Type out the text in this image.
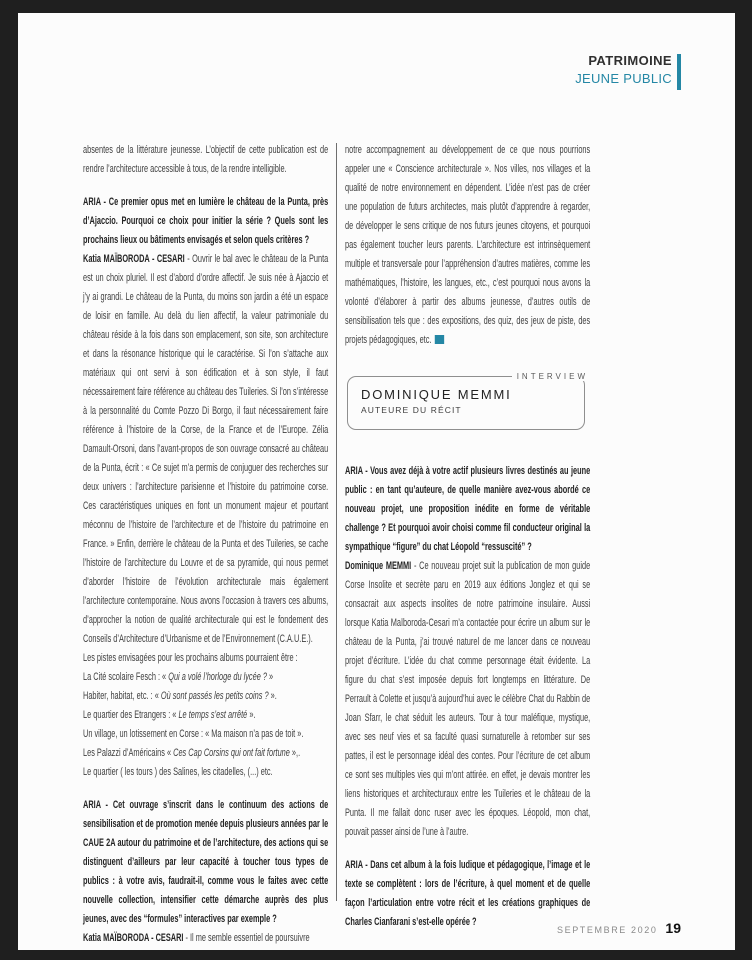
PATRIMOINE
JEUNE PUBLIC

absentes de la littérature jeunesse. L’objectif de cette publication est de rendre l’architecture accessible à tous, de la rendre intelligible.

ARIA - Ce premier opus met en lumière le château de la Punta, près d’Ajaccio. Pourquoi ce choix pour initier la série ? Quels sont les prochains lieux ou bâtiments envisagés et selon quels critères ?

Katia MAÏBORODA - CESARI - Ouvrir le bal avec le château de la Punta est un choix pluriel. Il est d’abord d’ordre affectif. Je suis née à Ajaccio et j’y ai grandi. Le château de la Punta, du moins son jardin a été un espace de loisir en famille. Au delà du lien affectif, la valeur patrimoniale du château réside à la fois dans son emplacement, son site, son architecture et dans la résonance historique qui le caractérise. Si l’on s’attache aux matériaux qui ont servi à son édification et à son style, il faut nécessairement faire référence au château des Tuileries. Si l’on s’intéresse à la personnalité du Comte Pozzo Di Borgo, il faut nécessairement faire référence à l’histoire de la Corse, de la France et de l’Europe. Zélia Damault-Orsoni, dans l’avant-propos de son ouvrage consacré au château de la Punta, écrit : « Ce sujet m’a permis de conjuguer des recherches sur deux univers : l’architecture parisienne et l’histoire du patrimoine corse. Ces caractéristiques uniques en font un monument majeur et pourtant méconnu de l’histoire de l’architecture et de l’histoire du patrimoine en France. » Enfin, derrière le château de la Punta et des Tuileries, se cache l’histoire de l’architecture du Louvre et de sa pyramide, qui nous permet d’aborder l’histoire de l’évolution architecturale mais également l’architecture contemporaine. Nous avons l’occasion à travers ces albums, d’approcher la notion de qualité architecturale qui est le fondement des Conseils d’Architecture d’Urbanisme et de l’Environnement (C.A.U.E.).

Les pistes envisagées pour les prochains albums pourraient être :
La Cité scolaire Fesch : « Qui a volé l’horloge du lycée ? »
Habiter, habitat, etc. : « Où sont passés les petits coins ? ».
Le quartier des Etrangers : « Le temps s’est arrêté ».
Un village, un lotissement en Corse : « Ma maison n’a pas de toit ».
Les Palazzi d’Américains « Ces Cap Corsins qui ont fait fortune »,.
Le quartier ( les tours ) des Salines, les citadelles, (...) etc.

ARIA - Cet ouvrage s’inscrit dans le continuum des actions de sensibilisation et de promotion menée depuis plusieurs années par le CAUE 2A autour du patrimoine et de l’architecture, des actions qui se distinguent d’ailleurs par leur capacité à toucher tous types de publics : à votre avis, faudrait-il, comme vous le faites avec cette nouvelle collection, intensifier cette démarche auprès des plus jeunes, avec des “formules” interactives par exemple ?

Katia MAÏBORODA - CESARI - Il me semble essentiel de poursuivre

notre accompagnement au développement de ce que nous pourrions appeler une « Conscience architecturale ». Nos villes, nos villages et la qualité de notre environnement en dépendent. L’idée n’est pas de créer une population de futurs architectes, mais plutôt d’apprendre à regarder, de développer le sens critique de nos futurs jeunes citoyens, et pourquoi pas également toucher leurs parents. L’architecture est intrinsèquement multiple et transversale pour l’appréhension d’autres matières, comme les mathématiques, l’histoire, les langues, etc., c’est pourquoi nous avons la volonté d’élaborer à partir des albums jeunesse, d’autres outils de sensibilisation tels que : des expositions, des quiz, des jeux de piste, des projets pédagogiques, etc.

INTERVIEW
DOMINIQUE MEMMI
AUTEURE DU RÉCIT

ARIA - Vous avez déjà à votre actif plusieurs livres destinés au jeune public : en tant qu’auteure, de quelle manière avez-vous abordé ce nouveau projet, une proposition inédite en forme de véritable challenge ? Et pourquoi avoir choisi comme fil conducteur original la sympathique “figure” du chat Léopold “ressuscité” ?

Dominique MEMMI - Ce nouveau projet suit la publication de mon guide Corse Insolite et secrète paru en 2019 aux éditions Jonglez et qui se consacrait aux aspects insolites de notre patrimoine insulaire. Aussi lorsque Katia Maïboroda-Cesari m’a contactée pour écrire un album sur le château de la Punta, j’ai trouvé naturel de me lancer dans ce nouveau projet d’écriture. L’idée du chat comme personnage était évidente. La figure du chat s’est imposée depuis fort longtemps en littérature. De Perrault à Colette et jusqu’à aujourd’hui avec le célèbre Chat du Rabbin de Joan Sfarr, le chat séduit les auteurs. Tour à tour maléfique, mystique, avec ses neuf vies et sa faculté quasi surnaturelle à retomber sur ses pattes, il est le personnage idéal des contes. Pour l’écriture de cet album ce sont ses multiples vies qui m’ont attirée. en effet, je devais montrer les liens historiques et architecturaux entre les Tuileries et le château de la Punta. Il me fallait donc ruser avec les époques. Léopold, mon chat, pouvait passer ainsi de l’une à l’autre.

ARIA - Dans cet album à la fois ludique et pédagogique, l’image et le texte se complètent : lors de l’écriture, à quel moment et de quelle façon l’articulation entre votre récit et les créations graphiques de Charles Cianfarani s’est-elle opérée ?

SEPTEMBRE 2020 19
